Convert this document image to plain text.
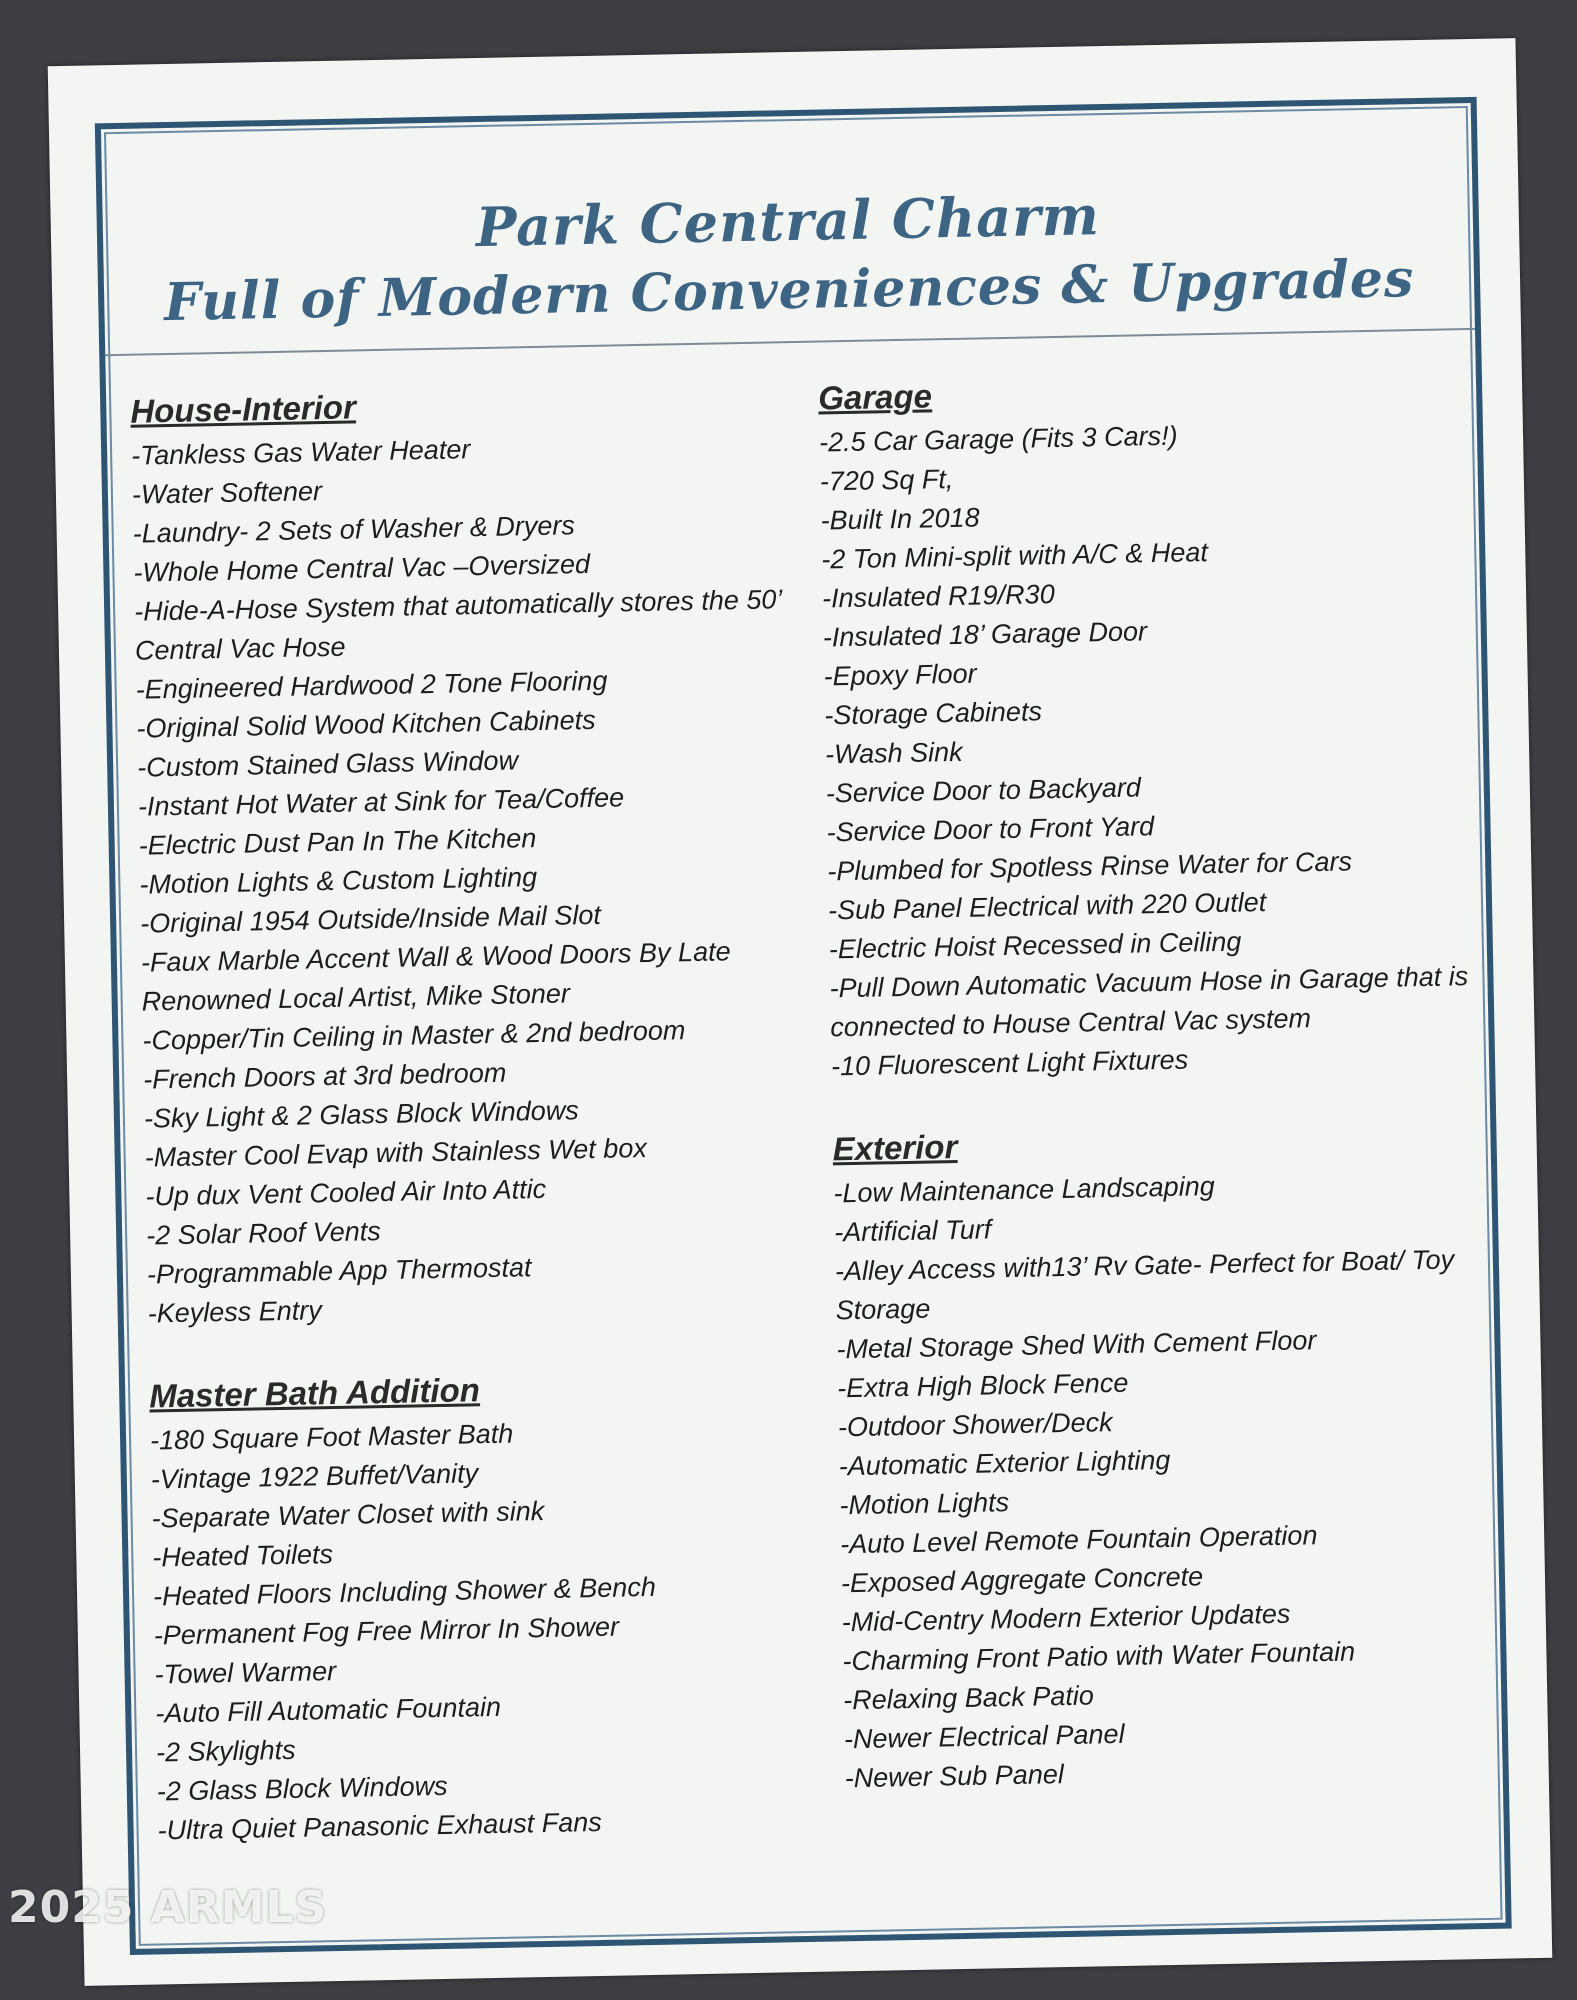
Park Central Charm
Full of Modern Conveniences & Upgrades
House-Interior
-Tankless Gas Water Heater
-Water Softener
-Laundry- 2 Sets of Washer & Dryers
-Whole Home Central Vac –Oversized
-Hide-A-Hose System that automatically stores the 50’ Central Vac Hose
-Engineered Hardwood 2 Tone Flooring
-Original Solid Wood Kitchen Cabinets
-Custom Stained Glass Window
-Instant Hot Water at Sink for Tea/Coffee
-Electric Dust Pan In The Kitchen
-Motion Lights & Custom Lighting
-Original 1954 Outside/Inside Mail Slot
-Faux Marble Accent Wall & Wood Doors By Late Renowned Local Artist, Mike Stoner
-Copper/Tin Ceiling in Master & 2nd bedroom
-French Doors at 3rd bedroom
-Sky Light & 2 Glass Block Windows
-Master Cool Evap with Stainless Wet box
-Up dux Vent Cooled Air Into Attic
-2 Solar Roof Vents
-Programmable App Thermostat
-Keyless Entry
Master Bath Addition
-180 Square Foot Master Bath
-Vintage 1922 Buffet/Vanity
-Separate Water Closet with sink
-Heated Toilets
-Heated Floors Including Shower & Bench
-Permanent Fog Free Mirror In Shower
-Towel Warmer
-Auto Fill Automatic Fountain
-2 Skylights
-2 Glass Block Windows
-Ultra Quiet Panasonic Exhaust Fans
Garage
-2.5 Car Garage (Fits 3 Cars!)
-720 Sq Ft,
-Built In 2018
-2 Ton Mini-split with A/C & Heat
-Insulated R19/R30
-Insulated 18’ Garage Door
-Epoxy Floor
-Storage Cabinets
-Wash Sink
-Service Door to Backyard
-Service Door to Front Yard
-Plumbed for Spotless Rinse Water for Cars
-Sub Panel Electrical with 220 Outlet
-Electric Hoist Recessed in Ceiling
-Pull Down Automatic Vacuum Hose in Garage that is connected to House Central Vac system
-10 Fluorescent Light Fixtures
Exterior
-Low Maintenance Landscaping
-Artificial Turf
-Alley Access with13’ Rv Gate- Perfect for Boat/ Toy Storage
-Metal Storage Shed With Cement Floor
-Extra High Block Fence
-Outdoor Shower/Deck
-Automatic Exterior Lighting
-Motion Lights
-Auto Level Remote Fountain Operation
-Exposed Aggregate Concrete
-Mid-Centry Modern Exterior Updates
-Charming Front Patio with Water Fountain
-Relaxing Back Patio
-Newer Electrical Panel
-Newer Sub Panel
2025 ARMLS
